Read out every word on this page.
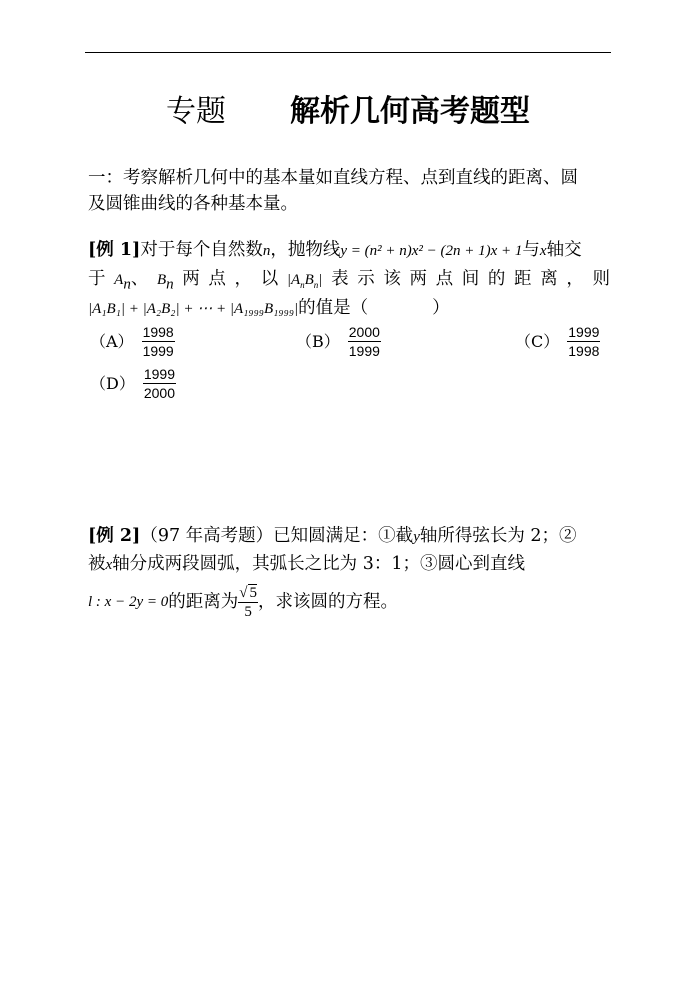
专题 解析几何高考题型
一：考察解析几何中的基本量如直线方程、点到直线的距离、圆
及圆锥曲线的各种基本量。
[例 1]对于每个自然数n，抛物线y = (n² + n)x² − (2n + 1)x + 1与x轴交
于 $A_n$、 $B_n$ 两 点 ， 以 $|A_nB_n|$ 表 示 该 两 点 间 的 距 离 ， 则
|A₁B₁| + |A₂B₂| + ⋯ + |A₁₉₉₉B₁₉₉₉|的值是（	）
$(A) \frac{1998}{1999}$	$(B) \frac{2000}{1999}$	$(C) \frac{1999}{1998}$
$(D) \frac{1999}{2000}$
[例 2]（97 年高考题）已知圆满足：①截y轴所得弦长为 2；②
被x轴分成两段圆弧，其弧长之比为 3：1；③圆心到直线
l : x − 2y = 0的距离为 $\frac{√ 5}{5}$ ，求该圆的方程。
